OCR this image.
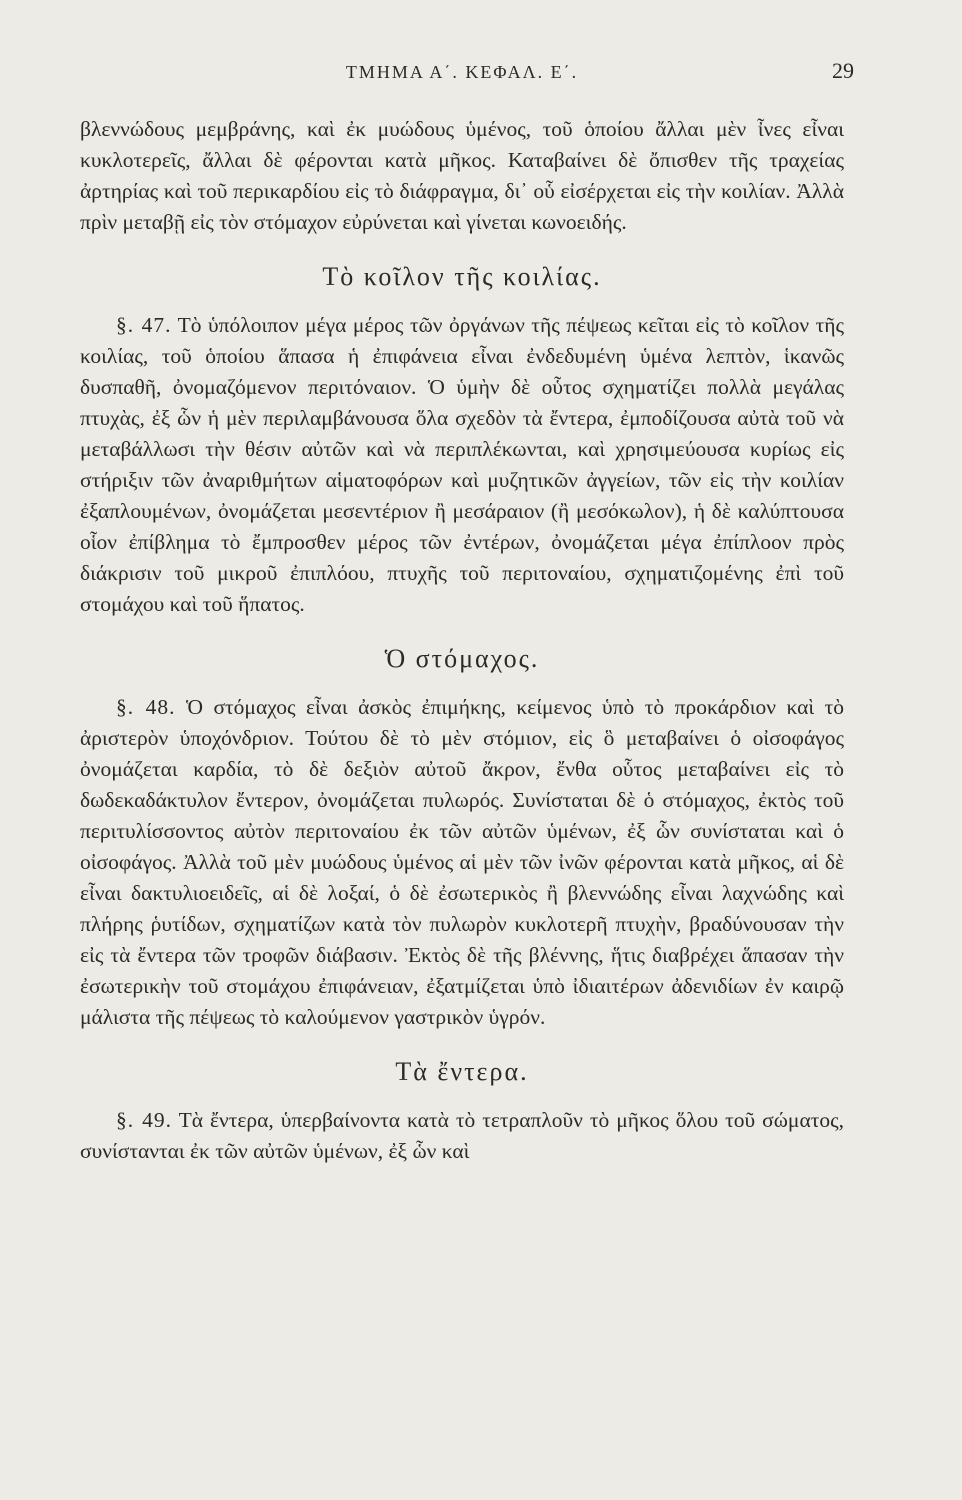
ΤΜΗΜΑ Α΄. ΚΕΦΑΛ. Ε΄.	29

βλεννώδους μεμβράνης, καὶ ἐκ μυώδους ὑμένος, τοῦ ὁποίου ἄλλαι μὲν ἶνες εἶναι κυκλοτερεῖς, ἄλλαι δὲ φέρονται κατὰ μῆκος. Καταβαίνει δὲ ὄπισθεν τῆς τραχείας ἀρτηρίας καὶ τοῦ περικαρδίου εἰς τὸ διάφραγμα, δι᾽ οὗ εἰσέρχεται εἰς τὴν κοιλίαν. Ἀλλὰ πρὶν μεταβῇ εἰς τὸν στόμαχον εὐρύνεται καὶ γίνεται κωνοειδής.

Τὸ κοῖλον τῆς κοιλίας.

§. 47. Τὸ ὑπόλοιπον μέγα μέρος τῶν ὀργάνων τῆς πέψεως κεῖται εἰς τὸ κοῖλον τῆς κοιλίας, τοῦ ὁποίου ἅπασα ἡ ἐπιφάνεια εἶναι ἐνδεδυμένη ὑμένα λεπτὸν, ἱκανῶς δυσπαθῆ, ὀνομαζόμενον περιτόναιον. Ὁ ὑμὴν δὲ οὗτος σχηματίζει πολλὰ μεγάλας πτυχὰς, ἐξ ὧν ἡ μὲν περιλαμβάνουσα ὅλα σχεδὸν τὰ ἔντερα, ἐμποδίζουσα αὐτὰ τοῦ νὰ μεταβάλλωσι τὴν θέσιν αὐτῶν καὶ νὰ περιπλέκωνται, καὶ χρησιμεύουσα κυρίως εἰς στήριξιν τῶν ἀναριθμήτων αἱματοφόρων καὶ μυζητικῶν ἀγγείων, τῶν εἰς τὴν κοιλίαν ἐξαπλουμένων, ὀνομάζεται μεσεντέριον ἢ μεσάραιον (ἢ μεσόκωλον), ἡ δὲ καλύπτουσα οἷον ἐπίβλημα τὸ ἔμπροσθεν μέρος τῶν ἐντέρων, ὀνομάζεται μέγα ἐπίπλοον πρὸς διάκρισιν τοῦ μικροῦ ἐπιπλόου, πτυχῆς τοῦ περιτοναίου, σχηματιζομένης ἐπὶ τοῦ στομάχου καὶ τοῦ ἥπατος.

Ὁ στόμαχος.

§. 48. Ὁ στόμαχος εἶναι ἀσκὸς ἐπιμήκης, κείμενος ὑπὸ τὸ προκάρδιον καὶ τὸ ἀριστερὸν ὑποχόνδριον. Τούτου δὲ τὸ μὲν στόμιον, εἰς ὃ μεταβαίνει ὁ οἰσοφάγος ὀνομάζεται καρδία, τὸ δὲ δεξιὸν αὐτοῦ ἄκρον, ἔνθα οὗτος μεταβαίνει εἰς τὸ δωδεκαδάκτυλον ἔντερον, ὀνομάζεται πυλωρός. Συνίσταται δὲ ὁ στόμαχος, ἐκτὸς τοῦ περιτυλίσσοντος αὐτὸν περιτοναίου ἐκ τῶν αὐτῶν ὑμένων, ἐξ ὧν συνίσταται καὶ ὁ οἰσοφάγος. Ἀλλὰ τοῦ μὲν μυώδους ὑμένος αἱ μὲν τῶν ἰνῶν φέρονται κατὰ μῆκος, αἱ δὲ εἶναι δακτυλιοειδεῖς, αἱ δὲ λοξαί, ὁ δὲ ἐσωτερικὸς ἢ βλεννώδης εἶναι λαχνώδης καὶ πλήρης ῥυτίδων, σχηματίζων κατὰ τὸν πυλωρὸν κυκλοτερῆ πτυχὴν, βραδύνουσαν τὴν εἰς τὰ ἔντερα τῶν τροφῶν διάβασιν. Ἐκτὸς δὲ τῆς βλέννης, ἥτις διαβρέχει ἅπασαν τὴν ἐσωτερικὴν τοῦ στομάχου ἐπιφάνειαν, ἐξατμίζεται ὑπὸ ἰδιαιτέρων ἀδενιδίων ἐν καιρῷ μάλιστα τῆς πέψεως τὸ καλούμενον γαστρικὸν ὑγρόν.

Τὰ ἔντερα.

§. 49. Τὰ ἔντερα, ὑπερβαίνοντα κατὰ τὸ τετραπλοῦν τὸ μῆκος ὅλου τοῦ σώματος, συνίστανται ἐκ τῶν αὐτῶν ὑμένων, ἐξ ὧν καὶ
